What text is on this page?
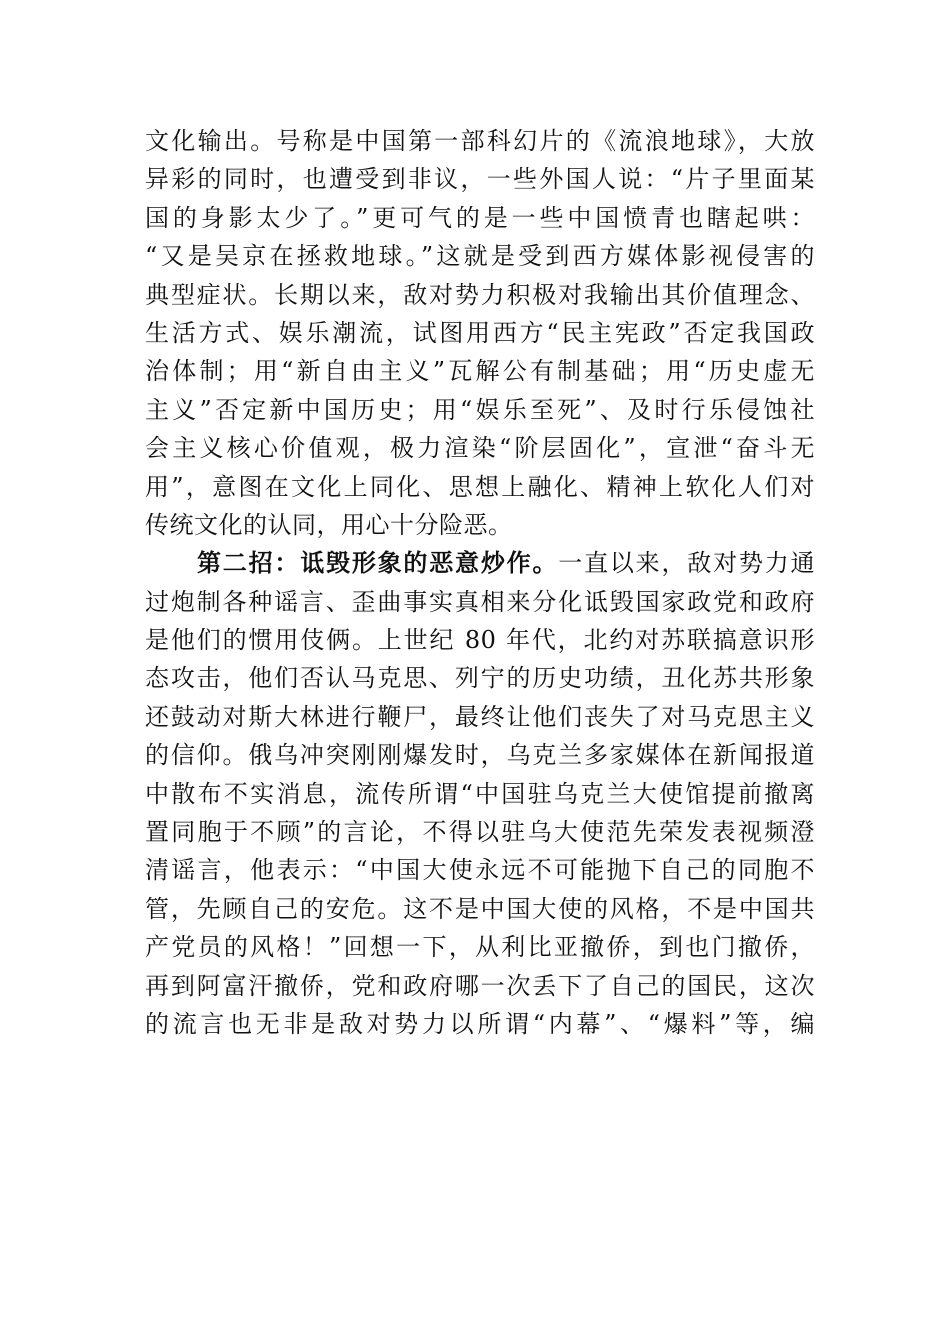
文化输出。号称是中国第一部科幻片的《流浪地球》，大放
异彩的同时，也遭受到非议，一些外国人说：“片子里面某
国的身影太少了。”更可气的是一些中国愤青也瞎起哄：
“又是吴京在拯救地球。”这就是受到西方媒体影视侵害的
典型症状。长期以来，敌对势力积极对我输出其价值理念、
生活方式、娱乐潮流，试图用西方“民主宪政”否定我国政
治体制；用“新自由主义”瓦解公有制基础；用“历史虚无
主义”否定新中国历史；用“娱乐至死”、及时行乐侵蚀社
会主义核心价值观，极力渲染“阶层固化”，宣泄“奋斗无
用”，意图在文化上同化、思想上融化、精神上软化人们对
传统文化的认同，用心十分险恶。
第二招：诋毁形象的恶意炒作。一直以来，敌对势力通
过炮制各种谣言、歪曲事实真相来分化诋毁国家政党和政府
是他们的惯用伎俩。上世纪 80 年代，北约对苏联搞意识形
态攻击，他们否认马克思、列宁的历史功绩，丑化苏共形象
还鼓动对斯大林进行鞭尸，最终让他们丧失了对马克思主义
的信仰。俄乌冲突刚刚爆发时，乌克兰多家媒体在新闻报道
中散布不实消息，流传所谓“中国驻乌克兰大使馆提前撤离
置同胞于不顾”的言论，不得以驻乌大使范先荣发表视频澄
清谣言，他表示：“中国大使永远不可能抛下自己的同胞不
管，先顾自己的安危。这不是中国大使的风格，不是中国共
产党员的风格！”回想一下，从利比亚撤侨，到也门撤侨，
再到阿富汗撤侨，党和政府哪一次丢下了自己的国民，这次
的流言也无非是敌对势力以所谓“内幕”、“爆料”等，编
